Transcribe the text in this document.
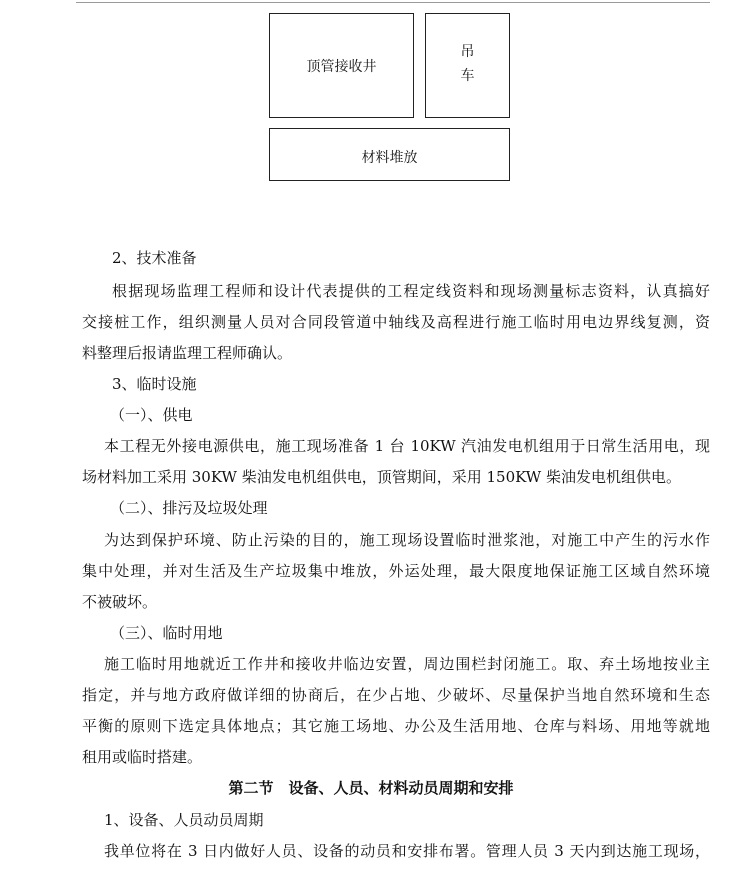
顶管接收井
吊
车
材料堆放
2、技术准备
根据现场监理工程师和设计代表提供的工程定线资料和现场测量标志资料，认真搞好
交接桩工作，组织测量人员对合同段管道中轴线及高程进行施工临时用电边界线复测，资
料整理后报请监理工程师确认。
3、临时设施
（一）、供电
本工程无外接电源供电，施工现场准备 1 台 10KW 汽油发电机组用于日常生活用电，现
场材料加工采用 30KW 柴油发电机组供电，顶管期间，采用 150KW 柴油发电机组供电。
（二）、排污及垃圾处理
为达到保护环境、防止污染的目的，施工现场设置临时泄浆池，对施工中产生的污水作
集中处理，并对生活及生产垃圾集中堆放，外运处理，最大限度地保证施工区域自然环境
不被破坏。
（三）、临时用地
施工临时用地就近工作井和接收井临边安置，周边围栏封闭施工。取、弃土场地按业主
指定，并与地方政府做详细的协商后，在少占地、少破坏、尽量保护当地自然环境和生态
平衡的原则下选定具体地点；其它施工场地、办公及生活用地、仓库与料场、用地等就地
租用或临时搭建。
第二节　设备、人员、材料动员周期和安排
1、设备、人员动员周期
我单位将在 3 日内做好人员、设备的动员和安排布署。管理人员 3 天内到达施工现场，
